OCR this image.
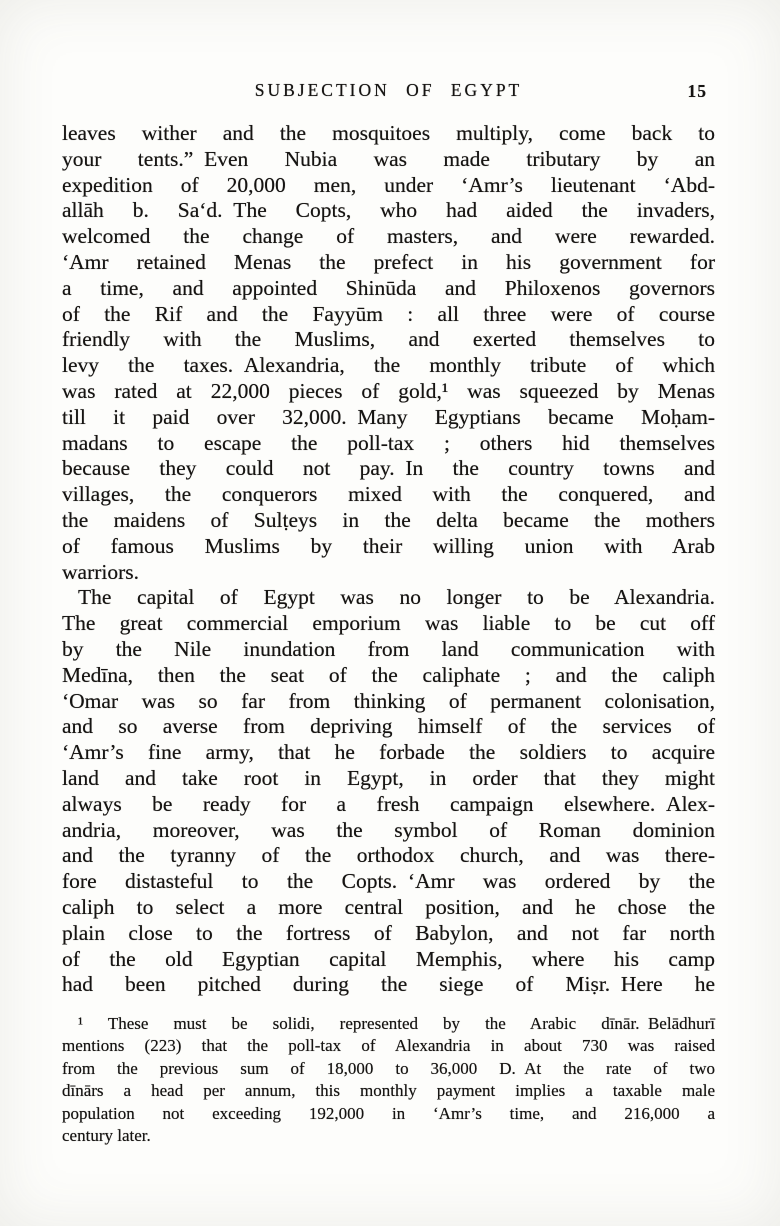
SUBJECTION OF EGYPT	15
leaves wither and the mosquitoes multiply, come back to
your tents.” Even Nubia was made tributary by an
expedition of 20,000 men, under ‘Amr’s lieutenant ‘Abd-
allāh b. Sa‘d. The Copts, who had aided the invaders,
welcomed the change of masters, and were rewarded.
‘Amr retained Menas the prefect in his government for
a time, and appointed Shinūda and Philoxenos governors
of the Rif and the Fayyūm : all three were of course
friendly with the Muslims, and exerted themselves to
levy the taxes. Alexandria, the monthly tribute of which
was rated at 22,000 pieces of gold,¹ was squeezed by Menas
till it paid over 32,000. Many Egyptians became Moḥam-
madans to escape the poll-tax ; others hid themselves
because they could not pay. In the country towns and
villages, the conquerors mixed with the conquered, and
the maidens of Sulṭeys in the delta became the mothers
of famous Muslims by their willing union with Arab
warriors.
The capital of Egypt was no longer to be Alexandria.
The great commercial emporium was liable to be cut off
by the Nile inundation from land communication with
Medīna, then the seat of the caliphate ; and the caliph
‘Omar was so far from thinking of permanent colonisation,
and so averse from depriving himself of the services of
‘Amr’s fine army, that he forbade the soldiers to acquire
land and take root in Egypt, in order that they might
always be ready for a fresh campaign elsewhere. Alex-
andria, moreover, was the symbol of Roman dominion
and the tyranny of the orthodox church, and was there-
fore distasteful to the Copts. ‘Amr was ordered by the
caliph to select a more central position, and he chose the
plain close to the fortress of Babylon, and not far north
of the old Egyptian capital Memphis, where his camp
had been pitched during the siege of Miṣr. Here he
¹ These must be solidi, represented by the Arabic dīnār. Belādhurī
mentions (223) that the poll-tax of Alexandria in about 730 was raised
from the previous sum of 18,000 to 36,000 D. At the rate of two
dīnārs a head per annum, this monthly payment implies a taxable male
population not exceeding 192,000 in ‘Amr’s time, and 216,000 a
century later.
